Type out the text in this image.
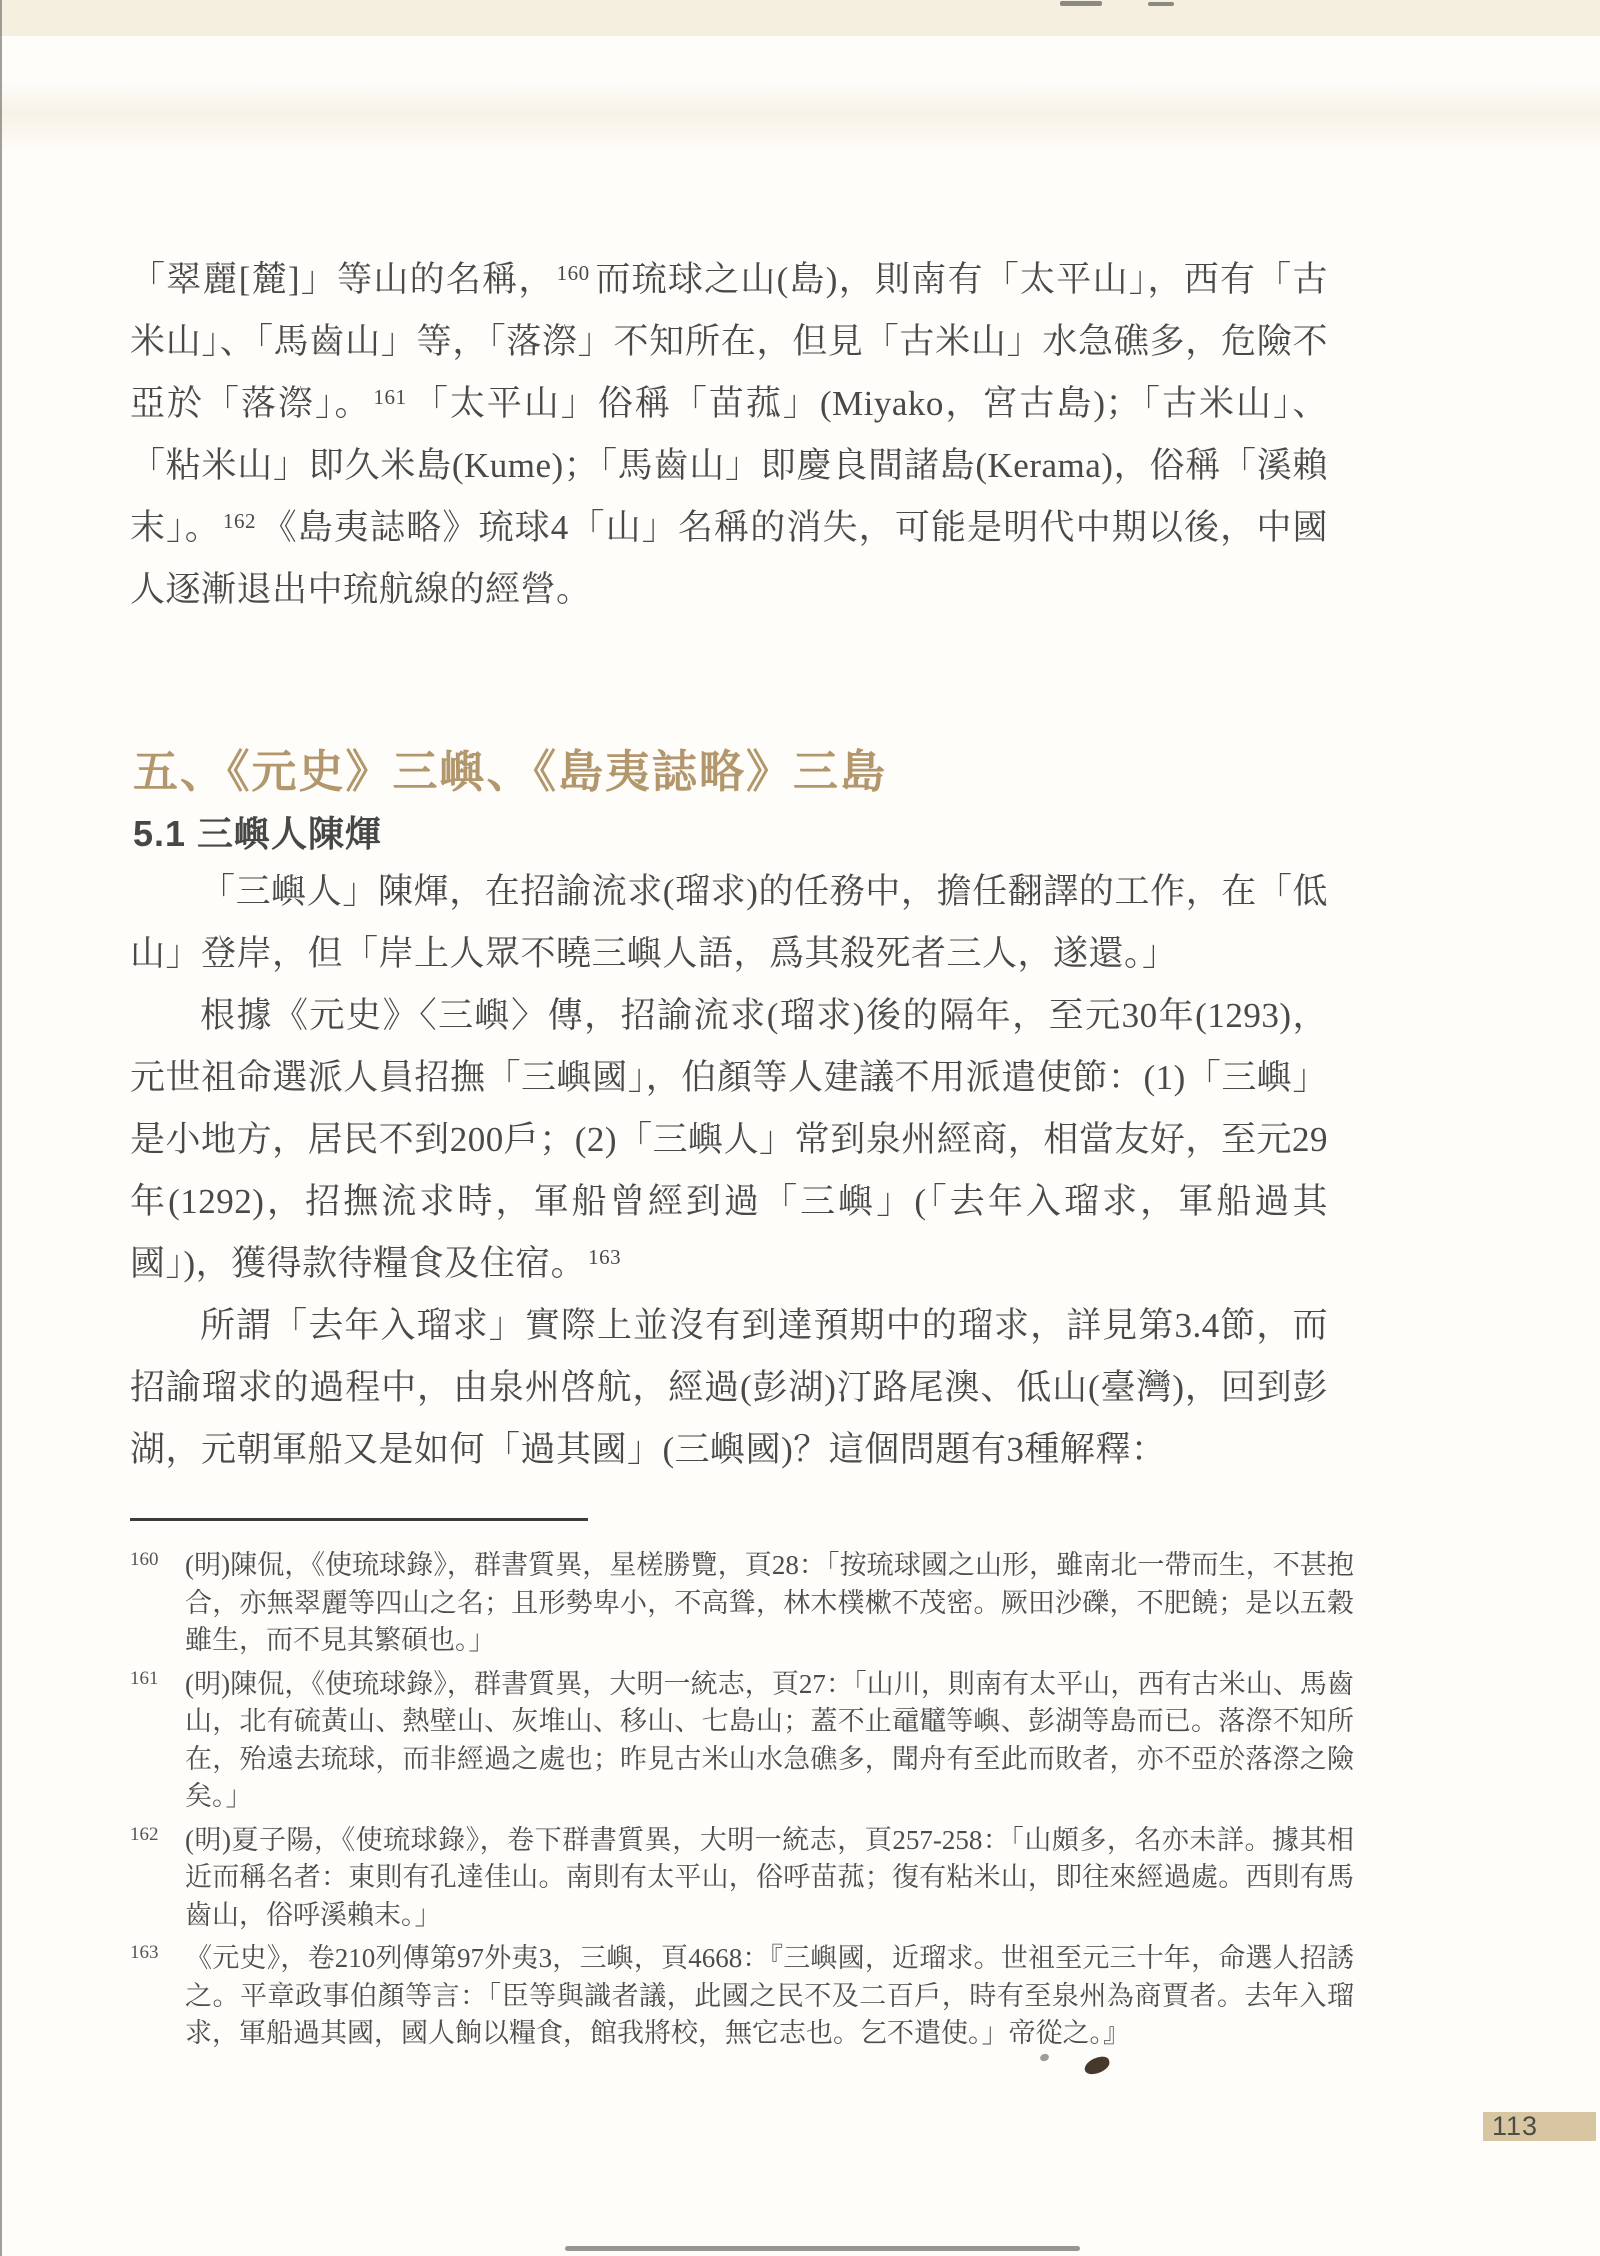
「翠麗[麓]」等山的名稱，$^{160}$ 而琉球之山(島)，則南有「太平山」，西有「古米山」、「馬齒山」等，「落漈」不知所在，但見「古米山」水急礁多，危險不亞於「落漈」。$^{161}$ 「太平山」俗稱「苗菰」(Miyako，宮古島)；「古米山」、「粘米山」即久米島(Kume)；「馬齒山」即慶良間諸島(Kerama)，俗稱「溪賴末」。$^{162}$ 《島夷誌略》琉球4「山」名稱的消失，可能是明代中期以後，中國人逐漸退出中琉航線的經營。

五、《元史》三嶼、《島夷誌略》三島
5.1 三嶼人陳煇

「三嶼人」陳煇，在招諭流求(瑠求)的任務中，擔任翻譯的工作，在「低山」登岸，但「岸上人眾不曉三嶼人語，爲其殺死者三人，遂還。」

根據《元史》〈三嶼〉傳，招諭流求(瑠求)後的隔年，至元30年(1293)，元世祖命選派人員招撫「三嶼國」，伯顏等人建議不用派遣使節：(1)「三嶼」是小地方，居民不到200戶；(2)「三嶼人」常到泉州經商，相當友好，至元29年(1292)，招撫流求時，軍船曾經到過「三嶼」(「去年入瑠求，軍船過其國」)，獲得款待糧食及住宿。$^{163}$

所謂「去年入瑠求」實際上並沒有到達預期中的瑠求，詳見第3.4節，而招諭瑠求的過程中，由泉州啓航，經過(彭湖)汀路尾澳、低山(臺灣)，回到彭湖，元朝軍船又是如何「過其國」(三嶼國)？這個問題有3種解釋：

160 (明)陳侃，《使琉球錄》，群書質異，星槎勝覽，頁28：「按琉球國之山形，雖南北一帶而生，不甚抱合，亦無翠麗等四山之名；且形勢卑小，不高聳，林木樸樕不茂密。厥田沙礫，不肥饒；是以五穀雖生，而不見其繁碩也。」
161 (明)陳侃，《使琉球錄》，群書質異，大明一統志，頁27：「山川，則南有太平山，西有古米山、馬齒山，北有硫黃山、熱壁山、灰堆山、移山、七島山；蓋不止黿鼊等嶼、彭湖等島而已。落漈不知所在，殆遠去琉球，而非經過之處也；昨見古米山水急礁多，聞舟有至此而敗者，亦不亞於落漈之險矣。」
162 (明)夏子陽，《使琉球錄》，卷下群書質異，大明一統志，頁257-258：「山頗多，名亦未詳。據其相近而稱名者：東則有孔達佳山。南則有太平山，俗呼苗菰；復有粘米山，即往來經過處。西則有馬齒山，俗呼溪賴末。」
163 《元史》，卷210列傳第97外夷3，三嶼，頁4668：『三嶼國，近瑠求。世祖至元三十年，命選人招誘之。平章政事伯顏等言：「臣等與識者議，此國之民不及二百戶，時有至泉州為商賈者。去年入瑠求，軍船過其國，國人餉以糧食，館我將校，無它志也。乞不遣使。」帝從之。』
113
